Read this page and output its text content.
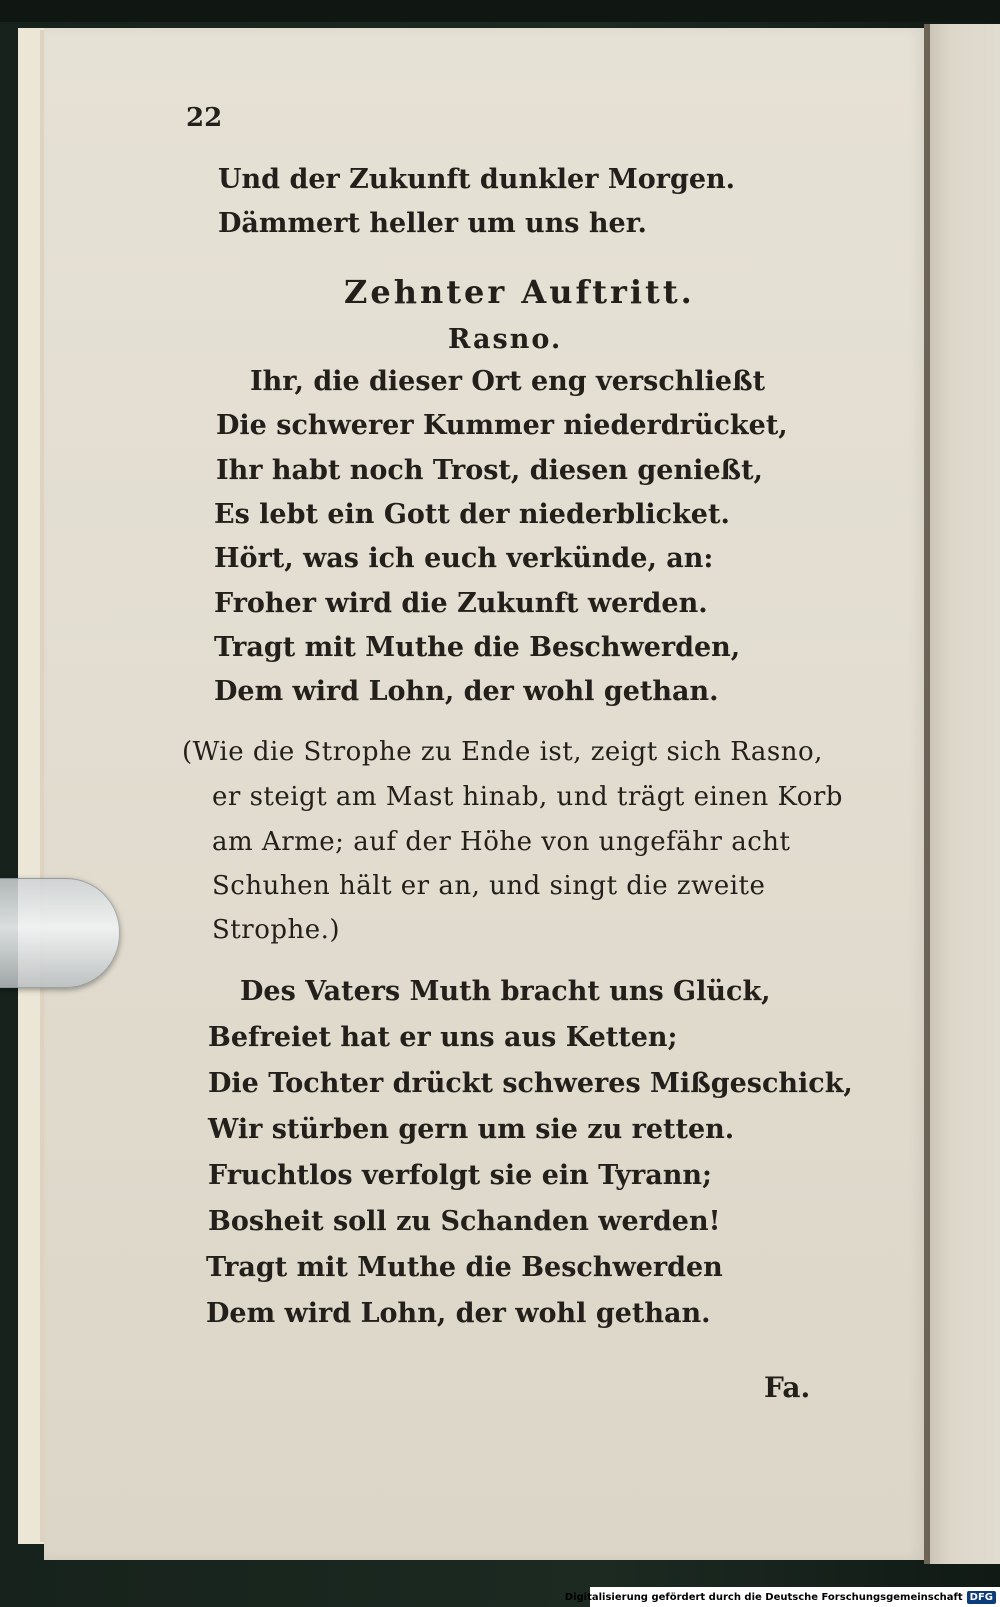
22
Und der Zukunft dunkler Morgen.
Dämmert heller um uns her.
Zehnter Auftritt.
Rasno.
Ihr, die dieser Ort eng verschließt
Die schwerer Kummer niederdrücket,
Ihr habt noch Trost, diesen genießt,
Es lebt ein Gott der niederblicket.
Hört, was ich euch verkünde, an:
Froher wird die Zukunft werden.
Tragt mit Muthe die Beschwerden,
Dem wird Lohn, der wohl gethan.
(Wie die Strophe zu Ende ist, zeigt sich Rasno,
er steigt am Mast hinab, und trägt einen Korb
am Arme; auf der Höhe von ungefähr acht
Schuhen hält er an, und singt die zweite
Strophe.)
Des Vaters Muth bracht uns Glück,
Befreiet hat er uns aus Ketten;
Die Tochter drückt schweres Mißgeschick,
Wir stürben gern um sie zu retten.
Fruchtlos verfolgt sie ein Tyrann;
Bosheit soll zu Schanden werden!
Tragt mit Muthe die Beschwerden
Dem wird Lohn, der wohl gethan.
Fa.
Digitalisierung gefördert durch die Deutsche Forschungsgemeinschaft DFG
